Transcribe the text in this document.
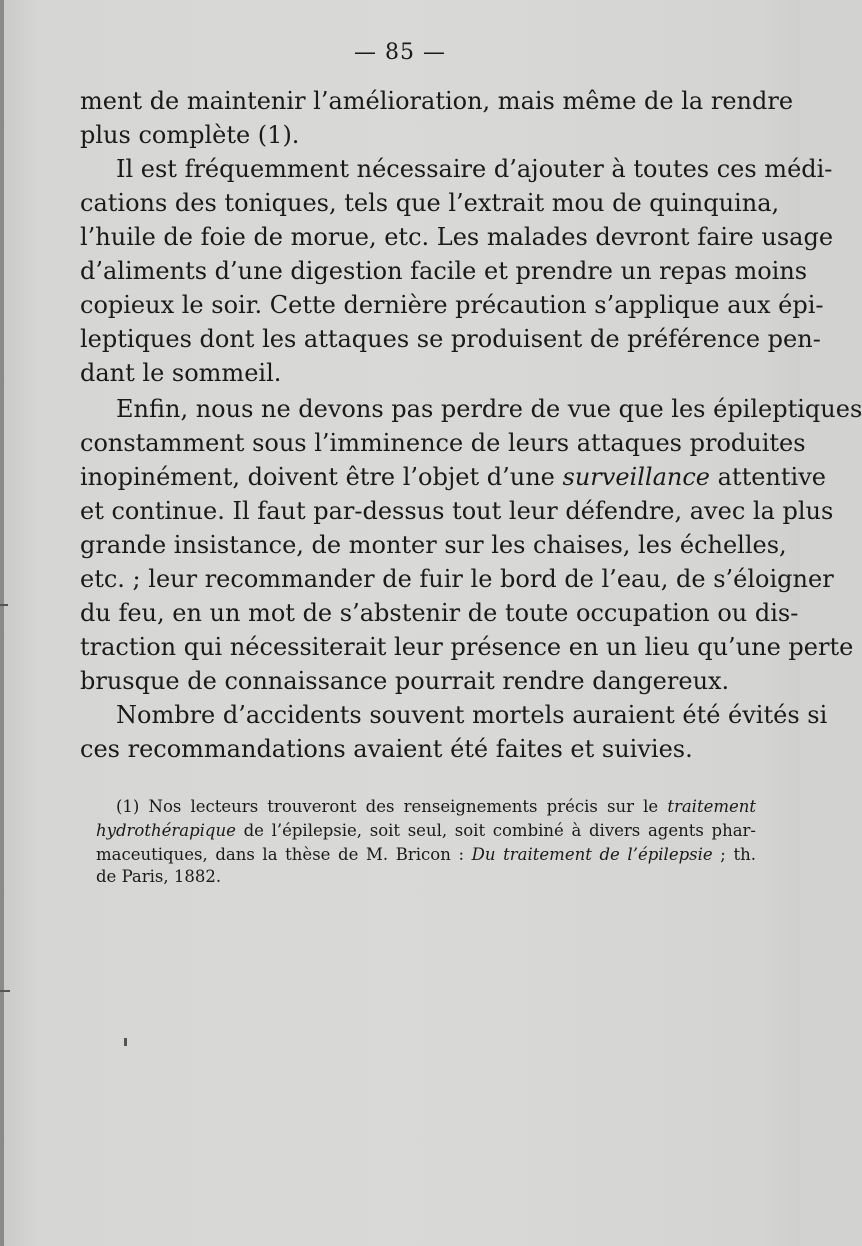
— 85 —
ment de maintenir l’amélioration, mais même de la rendre
plus complète (1).
Il est fréquemment nécessaire d’ajouter à toutes ces médi-
cations des toniques, tels que l’extrait mou de quinquina,
l’huile de foie de morue, etc. Les malades devront faire usage
d’aliments d’une digestion facile et prendre un repas moins
copieux le soir. Cette dernière précaution s’applique aux épi-
leptiques dont les attaques se produisent de préférence pen-
dant le sommeil.
Enfin, nous ne devons pas perdre de vue que les épileptiques
constamment sous l’imminence de leurs attaques produites
inopinément, doivent être l’objet d’une surveillance attentive
et continue. Il faut par-dessus tout leur défendre, avec la plus
grande insistance, de monter sur les chaises, les échelles,
etc. ; leur recommander de fuir le bord de l’eau, de s’éloigner
du feu, en un mot de s’abstenir de toute occupation ou dis-
traction qui nécessiterait leur présence en un lieu qu’une perte
brusque de connaissance pourrait rendre dangereux.
Nombre d’accidents souvent mortels auraient été évités si
ces recommandations avaient été faites et suivies.
(1) Nos lecteurs trouveront des renseignements précis sur le traitement
hydrothérapique de l’épilepsie, soit seul, soit combiné à divers agents phar-
maceutiques, dans la thèse de M. Bricon : Du traitement de l’épilepsie ; th.
de Paris, 1882.
